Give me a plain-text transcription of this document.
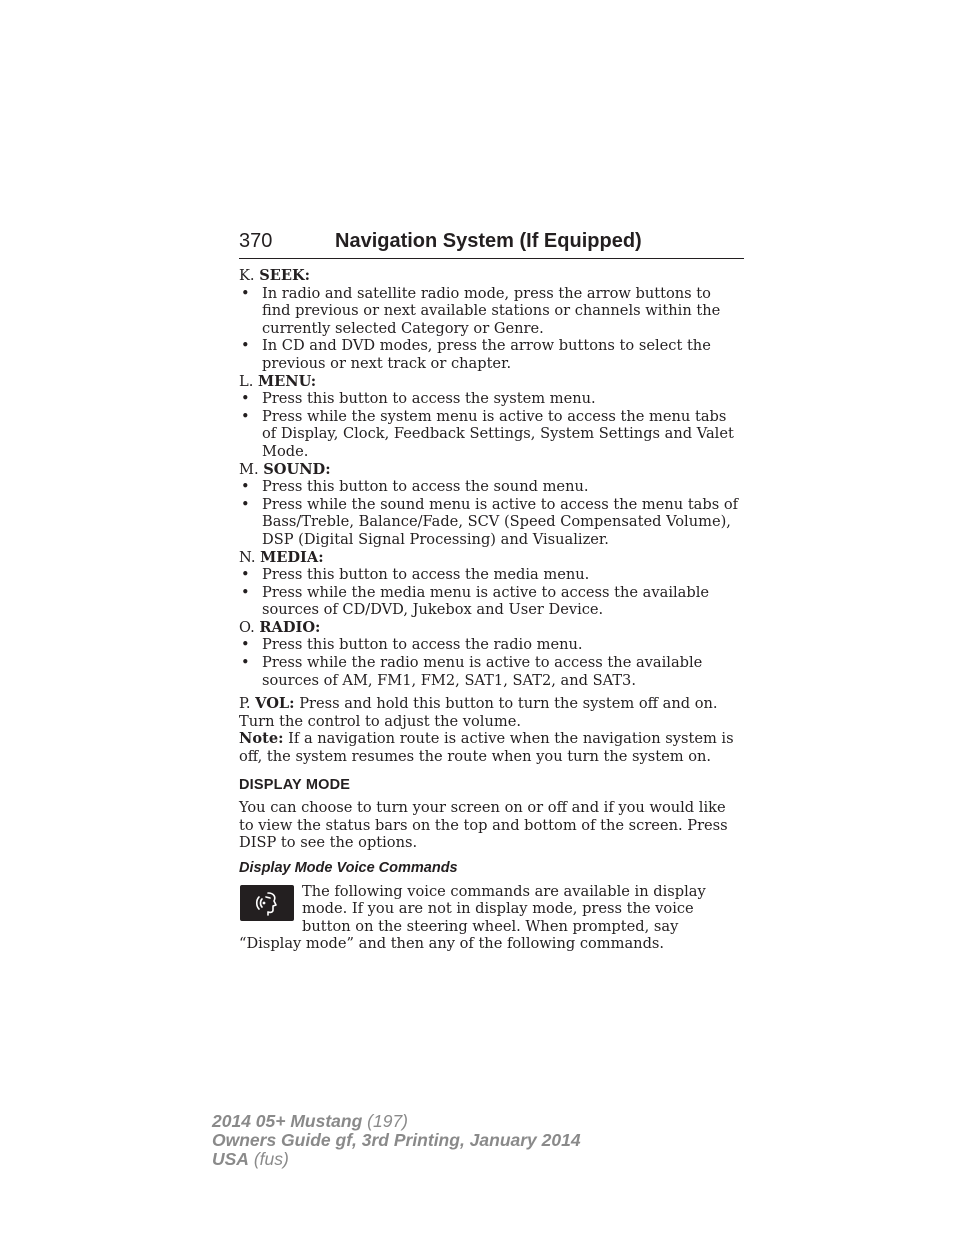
370	Navigation System (If Equipped)
K. SEEK:
• In radio and satellite radio mode, press the arrow buttons to find previous or next available stations or channels within the currently selected Category or Genre.
• In CD and DVD modes, press the arrow buttons to select the previous or next track or chapter.
L. MENU:
• Press this button to access the system menu.
• Press while the system menu is active to access the menu tabs of Display, Clock, Feedback Settings, System Settings and Valet Mode.
M. SOUND:
• Press this button to access the sound menu.
• Press while the sound menu is active to access the menu tabs of Bass/Treble, Balance/Fade, SCV (Speed Compensated Volume), DSP (Digital Signal Processing) and Visualizer.
N. MEDIA:
• Press this button to access the media menu.
• Press while the media menu is active to access the available sources of CD/DVD, Jukebox and User Device.
O. RADIO:
• Press this button to access the radio menu.
• Press while the radio menu is active to access the available sources of AM, FM1, FM2, SAT1, SAT2, and SAT3.
P. VOL: Press and hold this button to turn the system off and on. Turn the control to adjust the volume.
Note: If a navigation route is active when the navigation system is off, the system resumes the route when you turn the system on.
DISPLAY MODE
You can choose to turn your screen on or off and if you would like to view the status bars on the top and bottom of the screen. Press DISP to see the options.
Display Mode Voice Commands
The following voice commands are available in display mode. If you are not in display mode, press the voice button on the steering wheel. When prompted, say “Display mode” and then any of the following commands.
2014 05+ Mustang (197)
Owners Guide gf, 3rd Printing, January 2014
USA (fus)
